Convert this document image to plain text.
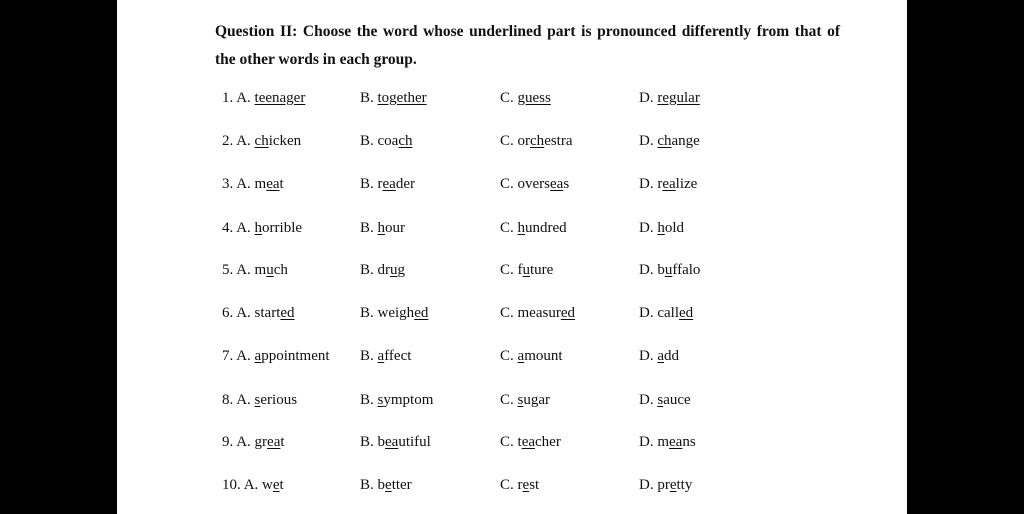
Question II: Choose the word whose underlined part is pronounced differently from that of the other words in each group.
1. A. teenager	B. together	C. guess	D. regular
2. A. chicken	B. coach	C. orchestra	D. change
3. A. meat	B. reader	C. overseas	D. realize
4. A. horrible	B. hour	C. hundred	D. hold
5. A. much	B. drug	C. future	D. buffalo
6. A. started	B. weighed	C. measured	D. called
7. A. appointment B. affect	C. amount	D. add
8. A. serious	B. symptom	C. sugar	D. sauce
9. A. great	B. beautiful	C. teacher	D. means
10. A. wet	B. better	C. rest	D. pretty
